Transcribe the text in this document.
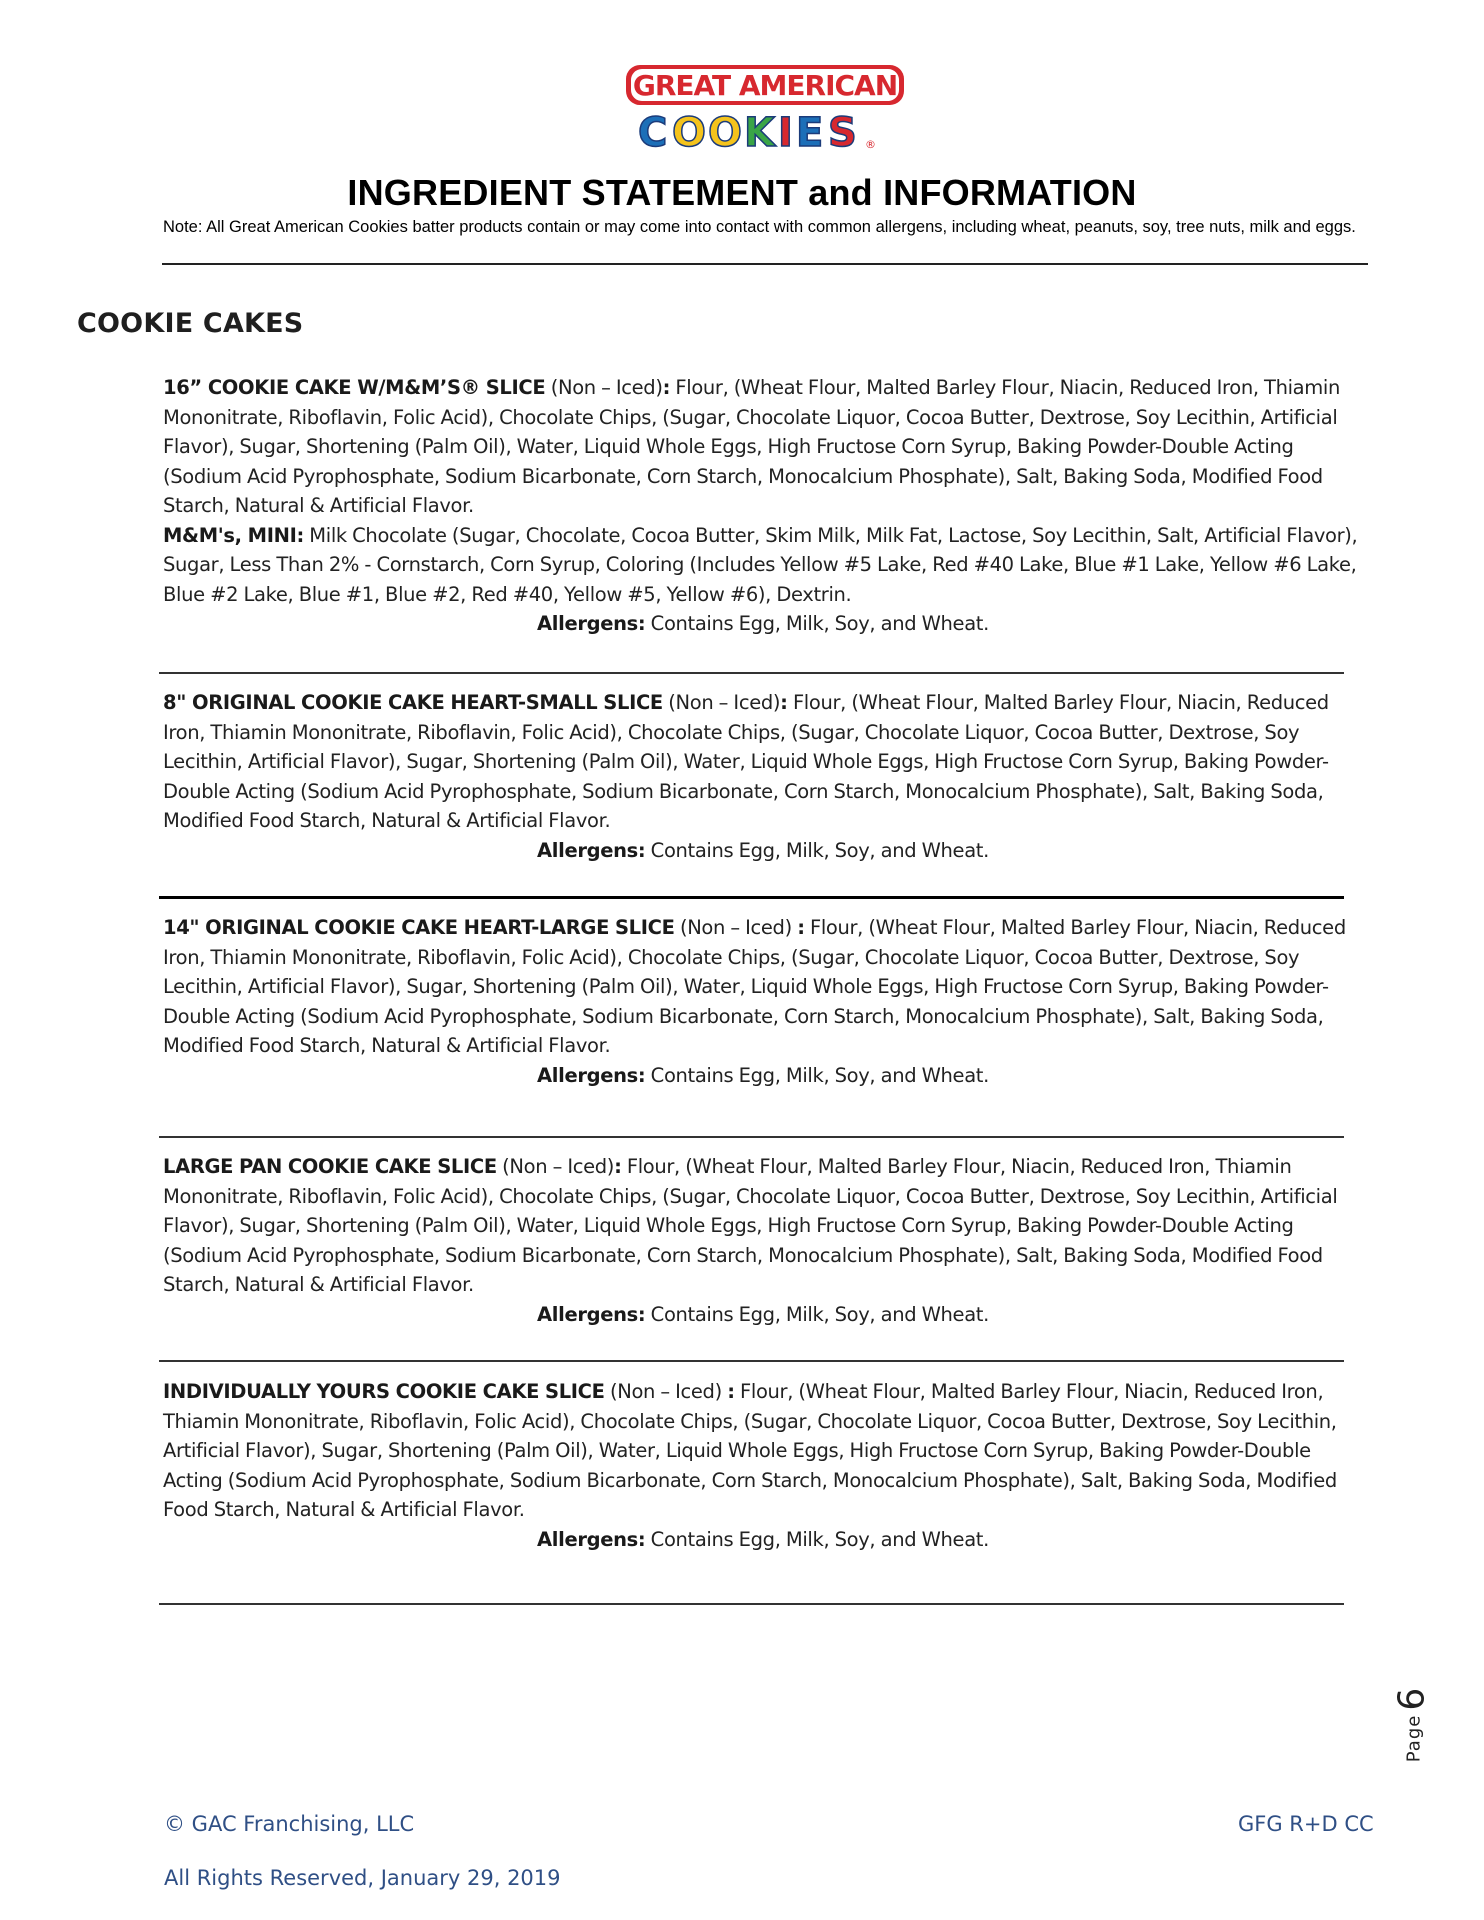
GREAT AMERICAN
C O O K I E S ®
INGREDIENT STATEMENT and INFORMATION
Note: All Great American Cookies batter products contain or may come into contact with common allergens, including wheat, peanuts, soy, tree nuts, milk and eggs.
COOKIE CAKES

16” COOKIE CAKE W/M&M’S® SLICE (Non – Iced): Flour, (Wheat Flour, Malted Barley Flour, Niacin, Reduced Iron, Thiamin Mononitrate, Riboflavin, Folic Acid), Chocolate Chips, (Sugar, Chocolate Liquor, Cocoa Butter, Dextrose, Soy Lecithin, Artificial Flavor), Sugar, Shortening (Palm Oil), Water, Liquid Whole Eggs, High Fructose Corn Syrup, Baking Powder-Double Acting (Sodium Acid Pyrophosphate, Sodium Bicarbonate, Corn Starch, Monocalcium Phosphate), Salt, Baking Soda, Modified Food Starch, Natural & Artificial Flavor.

M&M's, MINI: Milk Chocolate (Sugar, Chocolate, Cocoa Butter, Skim Milk, Milk Fat, Lactose, Soy Lecithin, Salt, Artificial Flavor), Sugar, Less Than 2% - Cornstarch, Corn Syrup, Coloring (Includes Yellow #5 Lake, Red #40 Lake, Blue #1 Lake, Yellow #6 Lake, Blue #2 Lake, Blue #1, Blue #2, Red #40, Yellow #5, Yellow #6), Dextrin.

Allergens: Contains Egg, Milk, Soy, and Wheat.

8" ORIGINAL COOKIE CAKE HEART-SMALL SLICE (Non – Iced): Flour, (Wheat Flour, Malted Barley Flour, Niacin, Reduced Iron, Thiamin Mononitrate, Riboflavin, Folic Acid), Chocolate Chips, (Sugar, Chocolate Liquor, Cocoa Butter, Dextrose, Soy Lecithin, Artificial Flavor), Sugar, Shortening (Palm Oil), Water, Liquid Whole Eggs, High Fructose Corn Syrup, Baking Powder-Double Acting (Sodium Acid Pyrophosphate, Sodium Bicarbonate, Corn Starch, Monocalcium Phosphate), Salt, Baking Soda, Modified Food Starch, Natural & Artificial Flavor.

Allergens: Contains Egg, Milk, Soy, and Wheat.

14" ORIGINAL COOKIE CAKE HEART-LARGE SLICE (Non – Iced) : Flour, (Wheat Flour, Malted Barley Flour, Niacin, Reduced Iron, Thiamin Mononitrate, Riboflavin, Folic Acid), Chocolate Chips, (Sugar, Chocolate Liquor, Cocoa Butter, Dextrose, Soy Lecithin, Artificial Flavor), Sugar, Shortening (Palm Oil), Water, Liquid Whole Eggs, High Fructose Corn Syrup, Baking Powder-Double Acting (Sodium Acid Pyrophosphate, Sodium Bicarbonate, Corn Starch, Monocalcium Phosphate), Salt, Baking Soda, Modified Food Starch, Natural & Artificial Flavor.

Allergens: Contains Egg, Milk, Soy, and Wheat.

LARGE PAN COOKIE CAKE SLICE (Non – Iced): Flour, (Wheat Flour, Malted Barley Flour, Niacin, Reduced Iron, Thiamin Mononitrate, Riboflavin, Folic Acid), Chocolate Chips, (Sugar, Chocolate Liquor, Cocoa Butter, Dextrose, Soy Lecithin, Artificial Flavor), Sugar, Shortening (Palm Oil), Water, Liquid Whole Eggs, High Fructose Corn Syrup, Baking Powder-Double Acting (Sodium Acid Pyrophosphate, Sodium Bicarbonate, Corn Starch, Monocalcium Phosphate), Salt, Baking Soda, Modified Food Starch, Natural & Artificial Flavor.

Allergens: Contains Egg, Milk, Soy, and Wheat.

INDIVIDUALLY YOURS COOKIE CAKE SLICE (Non – Iced) : Flour, (Wheat Flour, Malted Barley Flour, Niacin, Reduced Iron, Thiamin Mononitrate, Riboflavin, Folic Acid), Chocolate Chips, (Sugar, Chocolate Liquor, Cocoa Butter, Dextrose, Soy Lecithin, Artificial Flavor), Sugar, Shortening (Palm Oil), Water, Liquid Whole Eggs, High Fructose Corn Syrup, Baking Powder-Double Acting (Sodium Acid Pyrophosphate, Sodium Bicarbonate, Corn Starch, Monocalcium Phosphate), Salt, Baking Soda, Modified Food Starch, Natural & Artificial Flavor.

Allergens: Contains Egg, Milk, Soy, and Wheat.

Page6
© GAC Franchising, LLC	GFG R+D CC
All Rights Reserved, January 29, 2019
